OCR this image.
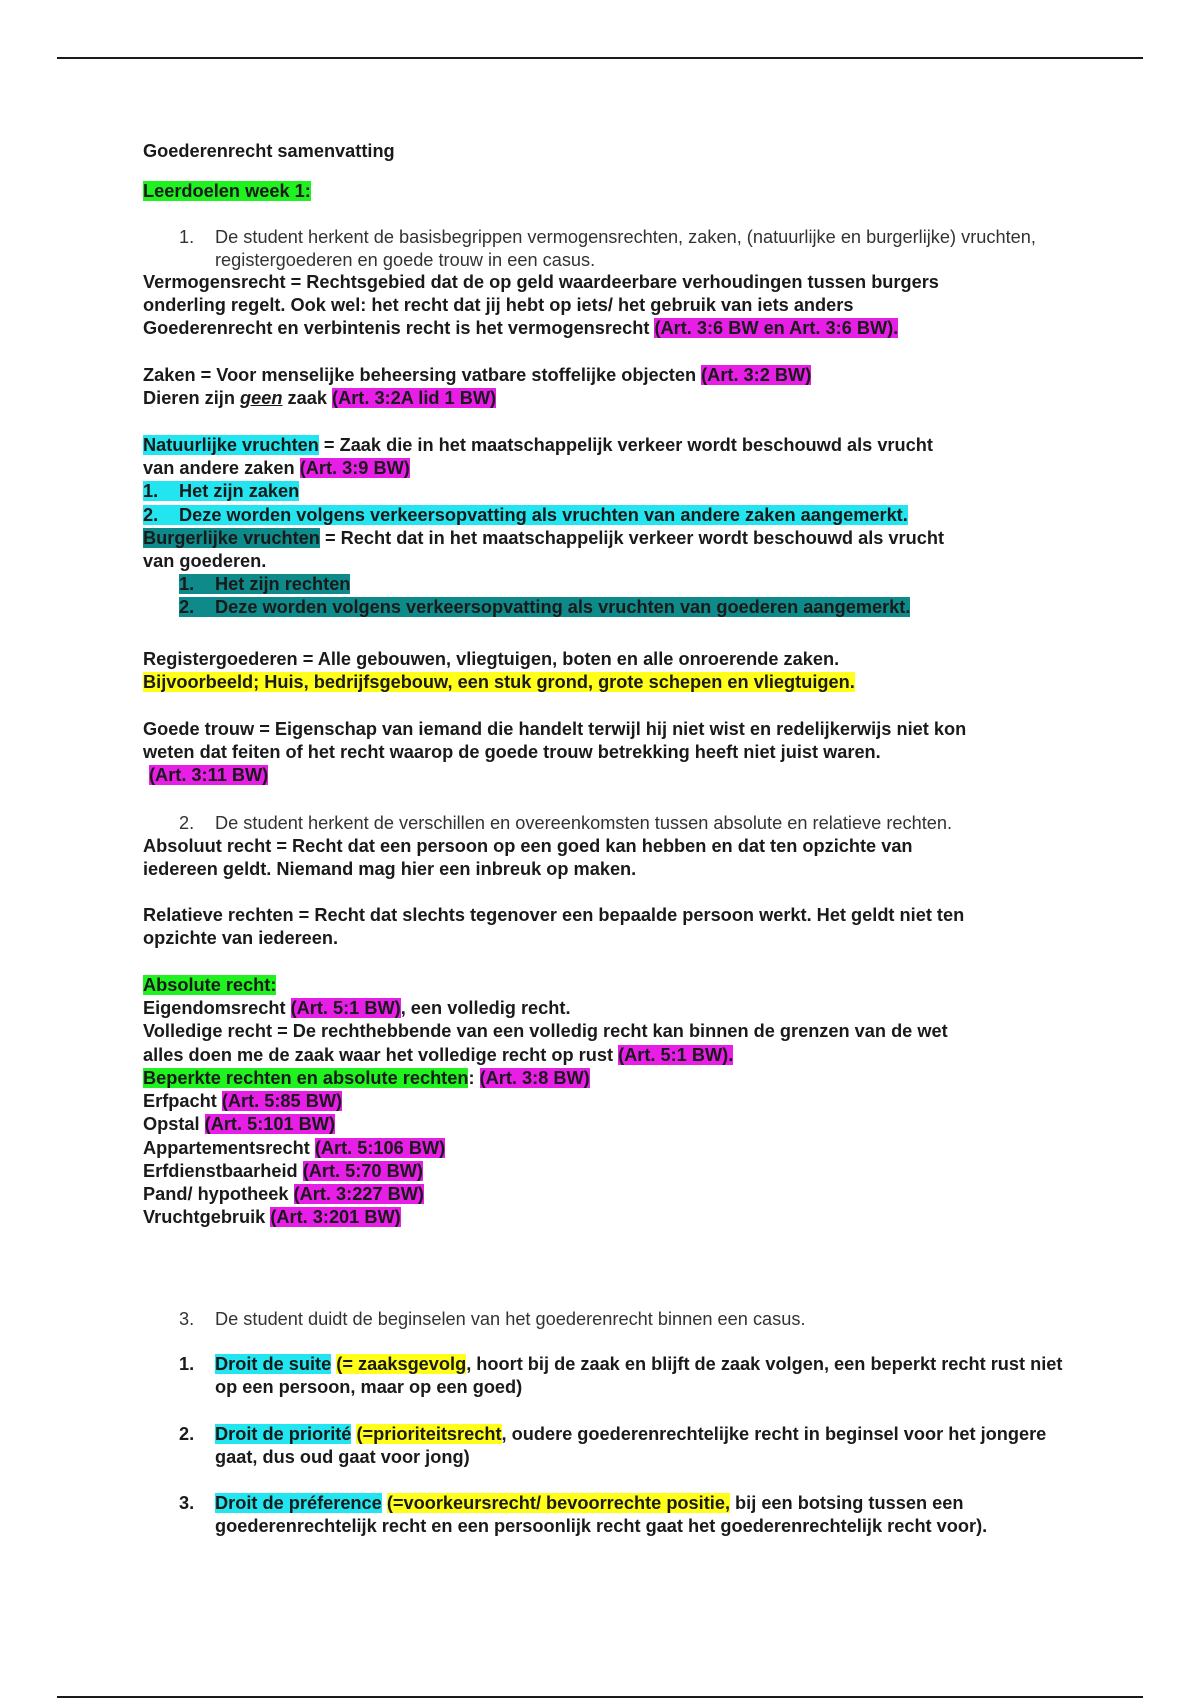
Goederenrecht samenvatting
Leerdoelen week 1:
1.	De student herkent de basisbegrippen vermogensrechten, zaken, (natuurlijke en burgerlijke) vruchten, registergoederen en goede trouw in een casus.
Vermogensrecht = Rechtsgebied dat de op geld waardeerbare verhoudingen tussen burgers
onderling regelt. Ook wel: het recht dat jij hebt op iets/ het gebruik van iets anders
Goederenrecht en verbintenis recht is het vermogensrecht (Art. 3:6 BW en Art. 3:6 BW).
Zaken = Voor menselijke beheersing vatbare stoffelijke objecten (Art. 3:2 BW)
Dieren zijn geen zaak (Art. 3:2A lid 1 BW)
Natuurlijke vruchten = Zaak die in het maatschappelijk verkeer wordt beschouwd als vrucht
van andere zaken (Art. 3:9 BW)
1. Het zijn zaken
2. Deze worden volgens verkeersopvatting als vruchten van andere zaken aangemerkt.
Burgerlijke vruchten = Recht dat in het maatschappelijk verkeer wordt beschouwd als vrucht
van goederen.
1. Het zijn rechten
2. Deze worden volgens verkeersopvatting als vruchten van goederen aangemerkt.
Registergoederen = Alle gebouwen, vliegtuigen, boten en alle onroerende zaken.
Bijvoorbeeld; Huis, bedrijfsgebouw, een stuk grond, grote schepen en vliegtuigen.
Goede trouw = Eigenschap van iemand die handelt terwijl hij niet wist en redelijkerwijs niet kon
weten dat feiten of het recht waarop de goede trouw betrekking heeft niet juist waren.
(Art. 3:11 BW)
2.	De student herkent de verschillen en overeenkomsten tussen absolute en relatieve rechten.
Absoluut recht = Recht dat een persoon op een goed kan hebben en dat ten opzichte van
iedereen geldt. Niemand mag hier een inbreuk op maken.
Relatieve rechten = Recht dat slechts tegenover een bepaalde persoon werkt. Het geldt niet ten
opzichte van iedereen.
Absolute recht:
Eigendomsrecht (Art. 5:1 BW), een volledig recht.
Volledige recht = De rechthebbende van een volledig recht kan binnen de grenzen van de wet
alles doen me de zaak waar het volledige recht op rust (Art. 5:1 BW).
Beperkte rechten en absolute rechten: (Art. 3:8 BW)
Erfpacht (Art. 5:85 BW)
Opstal (Art. 5:101 BW)
Appartementsrecht (Art. 5:106 BW)
Erfdienstbaarheid (Art. 5:70 BW)
Pand/ hypotheek (Art. 3:227 BW)
Vruchtgebruik (Art. 3:201 BW)
3.	De student duidt de beginselen van het goederenrecht binnen een casus.
1.	Droit de suite (= zaaksgevolg, hoort bij de zaak en blijft de zaak volgen, een beperkt recht rust niet op een persoon, maar op een goed)
2.	Droit de priorité (=prioriteitsrecht, oudere goederenrechtelijke recht in beginsel voor het jongere gaat, dus oud gaat voor jong)
3.	Droit de préference (=voorkeursrecht/ bevoorrechte positie, bij een botsing tussen een goederenrechtelijk recht en een persoonlijk recht gaat het goederenrechtelijk recht voor).
